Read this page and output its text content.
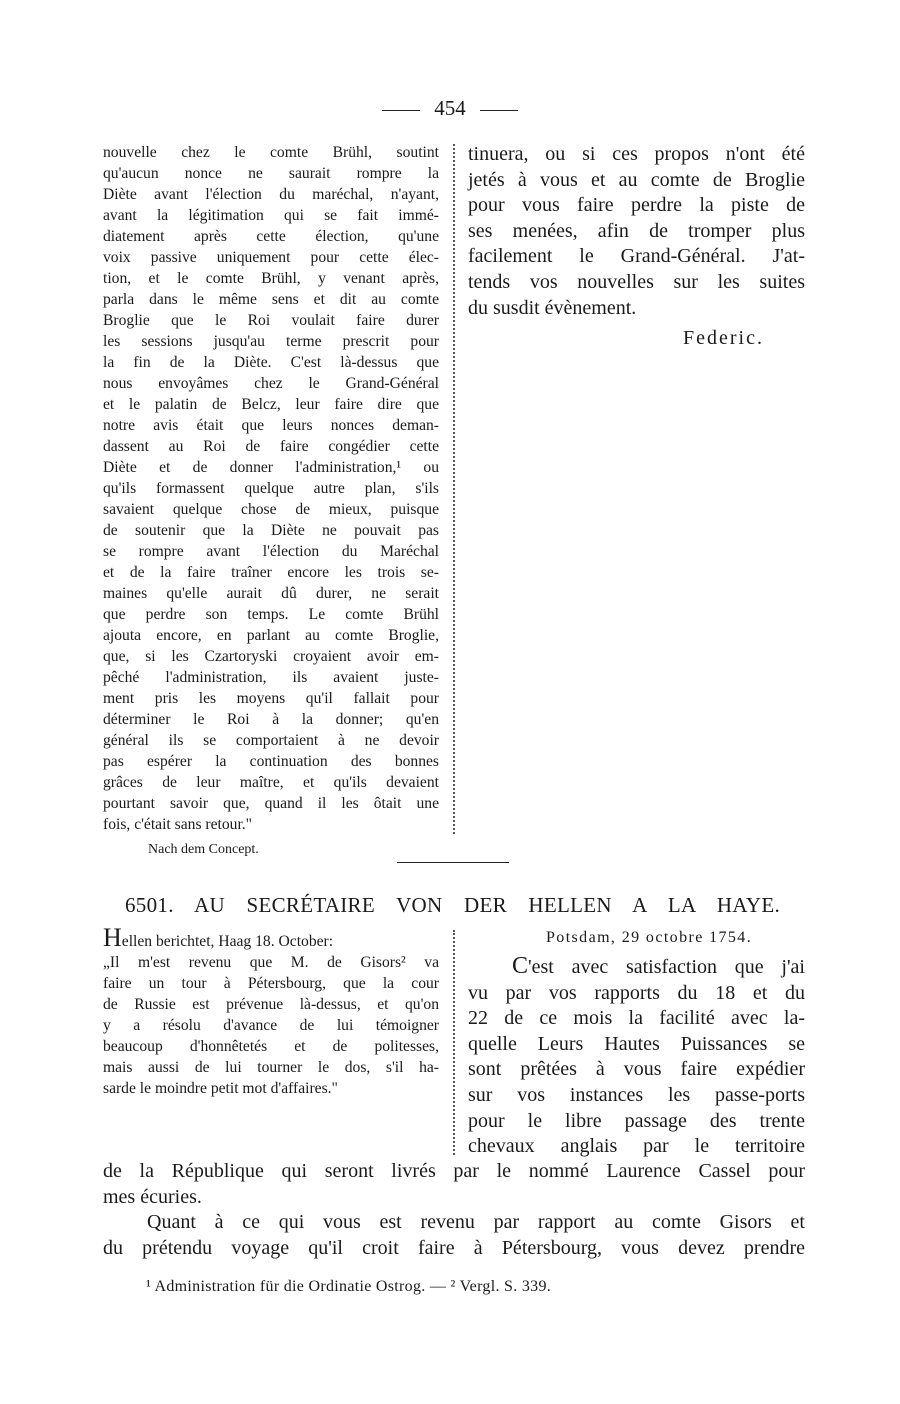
454
nouvelle chez le comte Brühl, soutint
qu'aucun nonce ne saurait rompre la
Diète avant l'élection du maréchal, n'ayant,
avant la légitimation qui se fait immé-
diatement après cette élection, qu'une
voix passive uniquement pour cette élec-
tion, et le comte Brühl, y venant après,
parla dans le même sens et dit au comte
Broglie que le Roi voulait faire durer
les sessions jusqu'au terme prescrit pour
la fin de la Diète. C'est là-dessus que
nous envoyâmes chez le Grand-Général
et le palatin de Belcz, leur faire dire que
notre avis était que leurs nonces deman-
dassent au Roi de faire congédier cette
Diète et de donner l'administration,¹ ou
qu'ils formassent quelque autre plan, s'ils
savaient quelque chose de mieux, puisque
de soutenir que la Diète ne pouvait pas
se rompre avant l'élection du Maréchal
et de la faire traîner encore les trois se-
maines qu'elle aurait dû durer, ne serait
que perdre son temps. Le comte Brühl
ajouta encore, en parlant au comte Broglie,
que, si les Czartoryski croyaient avoir em-
pêché l'administration, ils avaient juste-
ment pris les moyens qu'il fallait pour
déterminer le Roi à la donner; qu'en
général ils se comportaient à ne devoir
pas espérer la continuation des bonnes
grâces de leur maître, et qu'ils devaient
pourtant savoir que, quand il les ôtait une
fois, c'était sans retour."
tinuera, ou si ces propos n'ont été
jetés à vous et au comte de Broglie
pour vous faire perdre la piste de
ses menées, afin de tromper plus
facilement le Grand-Général. J'at-
tends vos nouvelles sur les suites
du susdit évènement.
Federic.
Nach dem Concept.
6501. AU SECRÉTAIRE VON DER HELLEN A LA HAYE.
Hellen berichtet, Haag 18. October:
„Il m'est revenu que M. de Gisors² va
faire un tour à Pétersbourg, que la cour
de Russie est prévenue là-dessus, et qu'on
y a résolu d'avance de lui témoigner
beaucoup d'honnêtetés et de politesses,
mais aussi de lui tourner le dos, s'il ha-
sarde le moindre petit mot d'affaires."
Potsdam, 29 octobre 1754.
C'est avec satisfaction que j'ai
vu par vos rapports du 18 et du
22 de ce mois la facilité avec la-
quelle Leurs Hautes Puissances se
sont prêtées à vous faire expédier
sur vos instances les passe-ports
pour le libre passage des trente
chevaux anglais par le territoire
de la République qui seront livrés par le nommé Laurence Cassel pour
mes écuries.
Quant à ce qui vous est revenu par rapport au comte Gisors et
du prétendu voyage qu'il croit faire à Pétersbourg, vous devez prendre
¹ Administration für die Ordinatie Ostrog. — ² Vergl. S. 339.
